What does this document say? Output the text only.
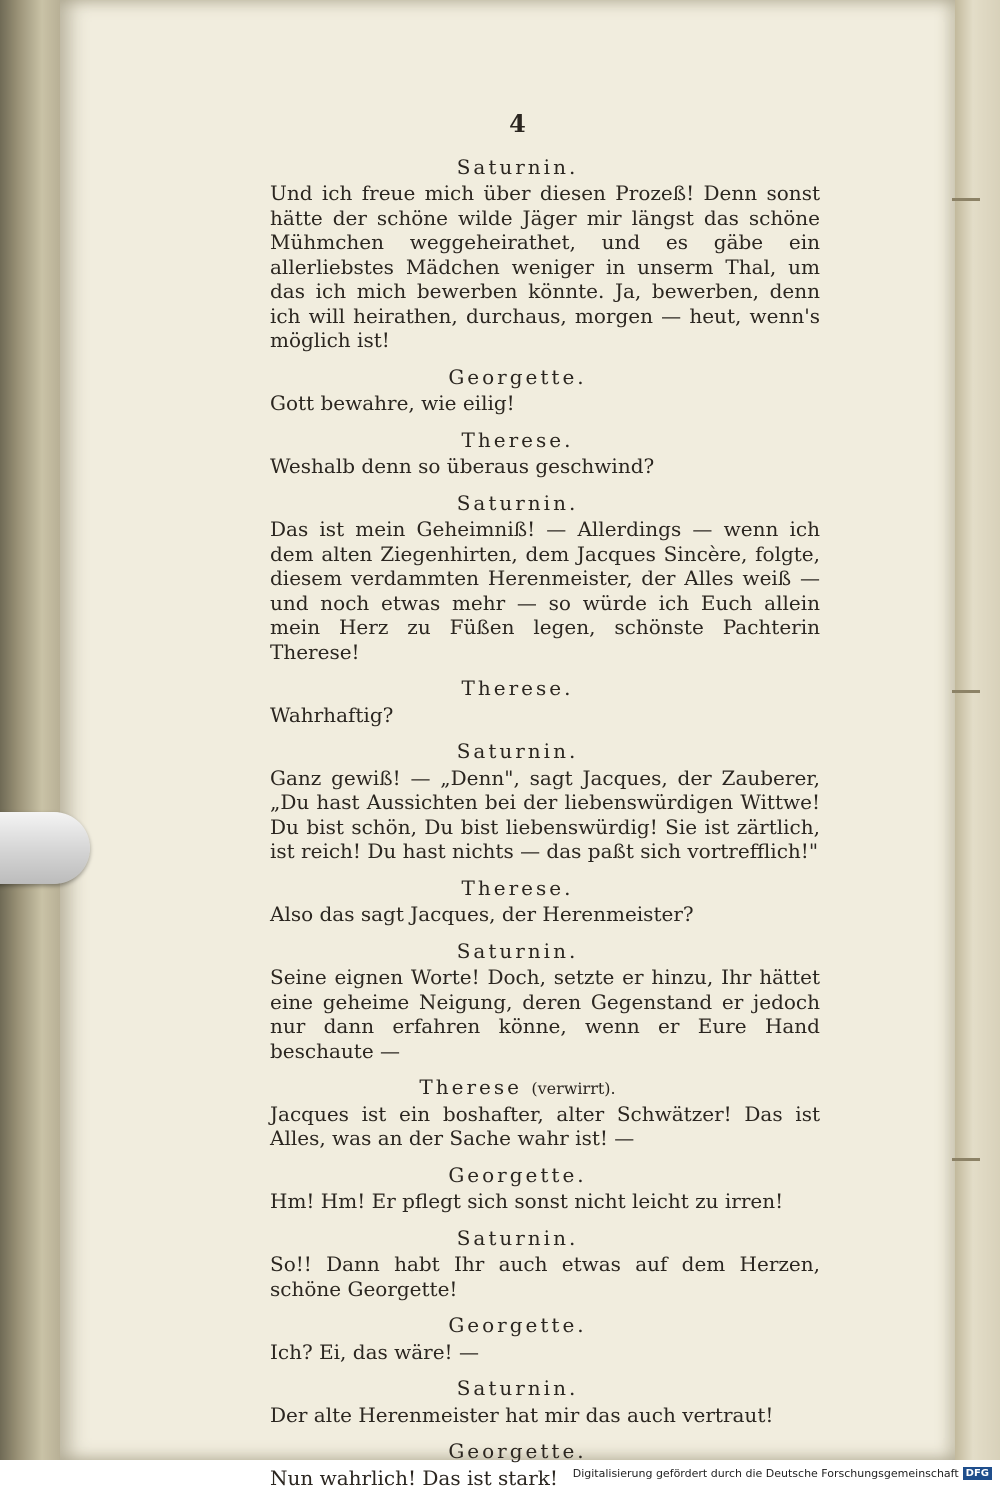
4
Saturnin.
Und ich freue mich über diesen Prozeß! Denn sonst hätte der schöne wilde Jäger mir längst das schöne Mühmchen weggeheirathet, und es gäbe ein allerliebstes Mädchen weniger in unserm Thal, um das ich mich bewerben könnte. Ja, bewerben, denn ich will heirathen, durchaus, morgen — heut, wenn's möglich ist!
Georgette.
Gott bewahre, wie eilig!
Therese.
Weshalb denn so überaus geschwind?
Saturnin.
Das ist mein Geheimniß! — Allerdings — wenn ich dem alten Ziegenhirten, dem Jacques Sincère, folgte, diesem verdammten Herenmeister, der Alles weiß — und noch etwas mehr — so würde ich Euch allein mein Herz zu Füßen legen, schönste Pachterin Therese!
Therese.
Wahrhaftig?
Saturnin.
Ganz gewiß! — „Denn", sagt Jacques, der Zauberer, „Du hast Aussichten bei der liebenswürdigen Wittwe! Du bist schön, Du bist liebenswürdig! Sie ist zärtlich, ist reich! Du hast nichts — das paßt sich vortrefflich!"
Therese.
Also das sagt Jacques, der Herenmeister?
Saturnin.
Seine eignen Worte! Doch, setzte er hinzu, Ihr hättet eine geheime Neigung, deren Gegenstand er jedoch nur dann erfahren könne, wenn er Eure Hand beschaute —
Therese (verwirrt).
Jacques ist ein boshafter, alter Schwätzer! Das ist Alles, was an der Sache wahr ist! —
Georgette.
Hm! Hm! Er pflegt sich sonst nicht leicht zu irren!
Saturnin.
So!! Dann habt Ihr auch etwas auf dem Herzen, schöne Georgette!
Georgette.
Ich? Ei, das wäre! —
Saturnin.
Der alte Herenmeister hat mir das auch vertraut!
Georgette.
Nun wahrlich! Das ist stark!	Digitalisierung gefördert durch die Deutsche Forschungsgemeinschaft DFG
